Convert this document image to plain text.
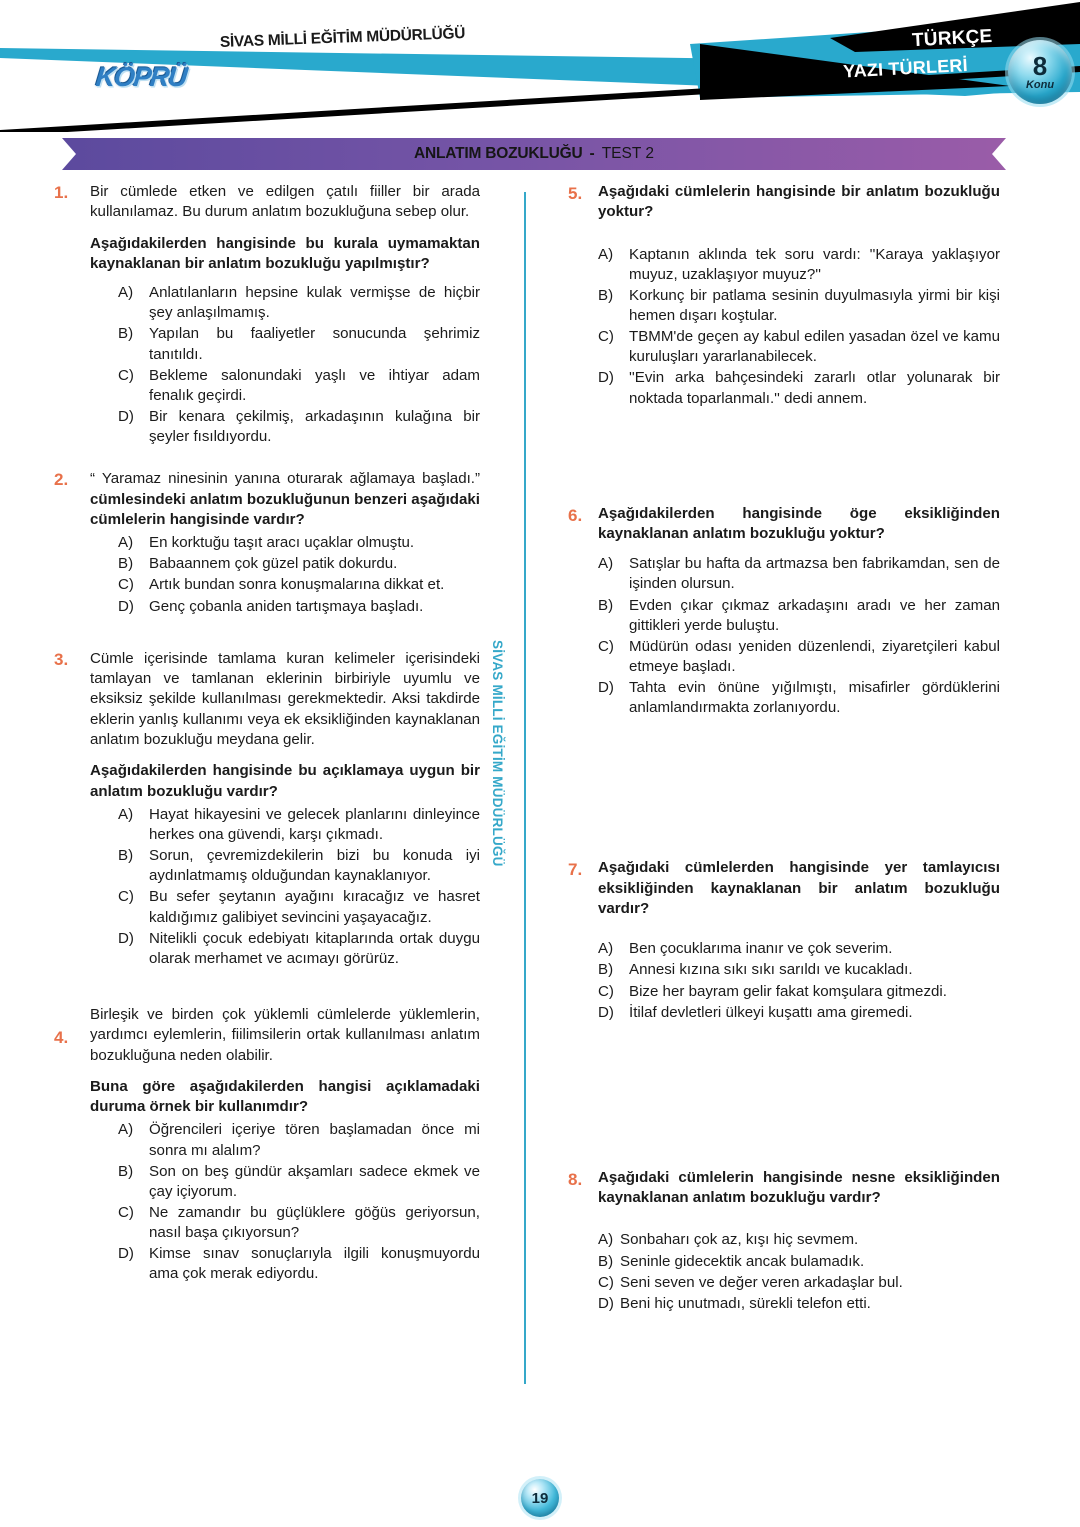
SİVAS MİLLİ EĞİTİM MÜDÜRLÜĞÜ	TÜRKÇE
YAZI TÜRLERİ 8
Konu
KÖPRÜ
ANLATIM BOZUKLUĞU - TEST 2
SİVAS MİLLİ EĞİTİM MÜDÜRLÜĞÜ
1. Bir cümlede etken ve edilgen çatılı fiiller bir arada kullanılamaz. Bu durum anlatım bozukluğuna sebep olur.

Aşağıdakilerden hangisinde bu kurala uymamaktan kaynaklanan bir anlatım bozukluğu yapılmıştır?

A)	Anlatılanların hepsine kulak vermişse de hiçbir şey anlaşılmamış.
B)	Yapılan bu faaliyetler sonucunda şehrimiz tanıtıldı.
C) Bekleme salonundaki yaşlı ve ihtiyar adam fenalık geçirdi.
D) Bir kenara çekilmiş, arkadaşının kulağına bir şeyler fısıldıyordu.
2. “ Yaramaz ninesinin yanına oturarak ağlamaya başladı.” cümlesindeki anlatım bozukluğunun benzeri aşağıdaki cümlelerin hangisinde vardır?

A)	En korktuğu taşıt aracı uçaklar olmuştu.
B)	Babaannem çok güzel patik dokurdu.
C) Artık bundan sonra konuşmalarına dikkat et.
D) Genç çobanla aniden tartışmaya başladı.
3. Cümle içerisinde tamlama kuran kelimeler içerisindeki tamlayan ve tamlanan eklerinin birbiriyle uyumlu ve eksiksiz şekilde kullanılması gerekmektedir. Aksi takdirde eklerin yanlış kullanımı veya ek eksikliğinden kaynaklanan anlatım bozukluğu meydana gelir.

Aşağıdakilerden hangisinde bu açıklamaya uygun bir anlatım bozukluğu vardır?

A)	Hayat hikayesini ve gelecek planlarını dinleyince herkes ona güvendi, karşı çıkmadı.
B)	Sorun, çevremizdekilerin bizi bu konuda iyi aydınlatmamış olduğundan kaynaklanıyor.
C) Bu sefer şeytanın ayağını kıracağız ve hasret kaldığımız galibiyet sevincini yaşayacağız.
D) Nitelikli çocuk edebiyatı kitaplarında ortak duygu olarak merhamet ve acımayı görürüz.
4.

Birleşik ve birden çok yüklemli cümlelerde yüklemlerin, yardımcı eylemlerin, fiilimsilerin ortak kullanılması anlatım bozukluğuna neden olabilir.

Buna göre aşağıdakilerden hangisi açıklamadaki duruma örnek bir kullanımdır?

A)	Öğrencileri içeriye tören başlamadan önce mi sonra mı alalım?
B)	Son on beş gündür akşamları sadece ekmek ve çay içiyorum.
C) Ne zamandır bu güçlüklere göğüs geriyorsun, nasıl başa çıkıyorsun?
D) Kimse sınav sonuçlarıyla ilgili konuşmuyordu ama çok merak ediyordu.
5.	Aşağıdaki cümlelerin hangisinde bir anlatım bozukluğu yoktur?
A)	Kaptanın aklında tek soru vardı: ''Karaya yaklaşıyor muyuz, uzaklaşıyor muyuz?''
B)	Korkunç bir patlama sesinin duyulmasıyla yirmi bir kişi hemen dışarı koştular.
C) TBMM'de geçen ay kabul edilen yasadan özel ve kamu kuruluşları yararlanabilecek.
D) ''Evin arka bahçesindeki zararlı otlar yolunarak bir noktada toparlanmalı.'' dedi annem.
6.	Aşağıdakilerden hangisinde öge eksikliğinden kaynaklanan anlatım bozukluğu yoktur?
A)	Satışlar bu hafta da artmazsa ben fabrikamdan, sen de işinden olursun.
B)	Evden çıkar çıkmaz arkadaşını aradı ve her zaman gittikleri yerde buluştu.
C) Müdürün odası yeniden düzenlendi, ziyaretçileri kabul etmeye başladı.
D) Tahta evin önüne yığılmıştı, misafirler gördüklerini anlamlandırmakta zorlanıyordu.
7.	Aşağıdaki cümlelerden hangisinde yer tamlayıcısı eksikliğinden kaynaklanan bir anlatım bozukluğu vardır?
A)	Ben çocuklarıma inanır ve çok severim.
B)	Annesi kızına sıkı sıkı sarıldı ve kucakladı.
C) Bize her bayram gelir fakat komşulara gitmezdi.
D) İtilaf devletleri ülkeyi kuşattı ama giremedi.
8.	Aşağıdaki cümlelerin hangisinde nesne eksikliğinden kaynaklanan anlatım bozukluğu vardır?
A) Sonbaharı çok az, kışı hiç sevmem.
B) Seninle gidecektik ancak bulamadık.
C) Seni seven ve değer veren arkadaşlar bul.
D) Beni hiç unutmadı, sürekli telefon etti.
19
